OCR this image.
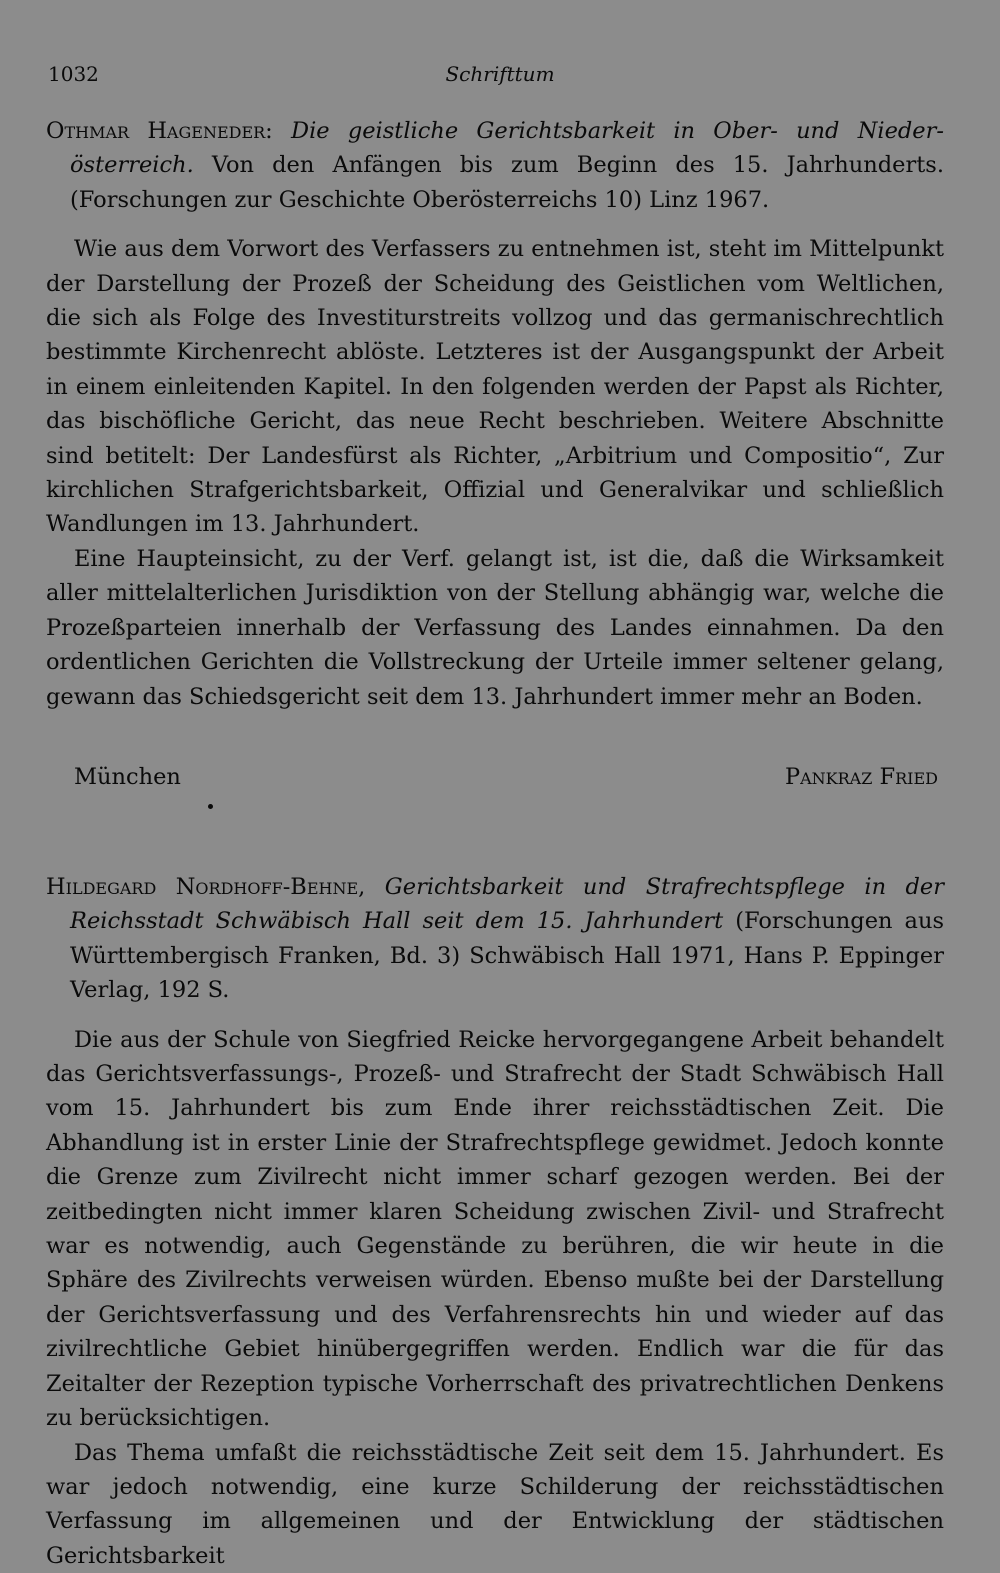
1032	Schrifttum

Othmar Hageneder: Die geistliche Gerichtsbarkeit in Ober- und Nieder-österreich. Von den Anfängen bis zum Beginn des 15. Jahrhunderts. (Forschungen zur Geschichte Oberösterreichs 10) Linz 1967.

Wie aus dem Vorwort des Verfassers zu entnehmen ist, steht im Mittelpunkt der Darstellung der Prozeß der Scheidung des Geistlichen vom Weltlichen, die sich als Folge des Investiturstreits vollzog und das germanischrechtlich bestimmte Kirchenrecht ablöste. Letzteres ist der Ausgangspunkt der Arbeit in einem einleitenden Kapitel. In den folgenden werden der Papst als Richter, das bischöfliche Gericht, das neue Recht beschrieben. Weitere Abschnitte sind betitelt: Der Landesfürst als Richter, „Arbitrium und Compositio“, Zur kirchlichen Strafgerichtsbarkeit, Offizial und Generalvikar und schließlich Wandlungen im 13. Jahrhundert.

Eine Haupteinsicht, zu der Verf. gelangt ist, ist die, daß die Wirksamkeit aller mittelalterlichen Jurisdiktion von der Stellung abhängig war, welche die Prozeßparteien innerhalb der Verfassung des Landes einnahmen. Da den ordentlichen Gerichten die Vollstreckung der Urteile immer seltener gelang, gewann das Schiedsgericht seit dem 13. Jahrhundert immer mehr an Boden.

München	Pankraz Fried

Hildegard Nordhoff-Behne, Gerichtsbarkeit und Strafrechtspflege in der Reichsstadt Schwäbisch Hall seit dem 15. Jahrhundert (Forschungen aus Württembergisch Franken, Bd. 3) Schwäbisch Hall 1971, Hans P. Eppinger Verlag, 192 S.

Die aus der Schule von Siegfried Reicke hervorgegangene Arbeit behandelt das Gerichtsverfassungs-, Prozeß- und Strafrecht der Stadt Schwäbisch Hall vom 15. Jahrhundert bis zum Ende ihrer reichsstädtischen Zeit. Die Abhandlung ist in erster Linie der Strafrechtspflege gewidmet. Jedoch konnte die Grenze zum Zivilrecht nicht immer scharf gezogen werden. Bei der zeitbedingten nicht immer klaren Scheidung zwischen Zivil- und Strafrecht war es notwendig, auch Gegenstände zu berühren, die wir heute in die Sphäre des Zivilrechts verweisen würden. Ebenso mußte bei der Darstellung der Gerichtsverfassung und des Verfahrensrechts hin und wieder auf das zivilrechtliche Gebiet hinübergegriffen werden. Endlich war die für das Zeitalter der Rezeption typische Vorherrschaft des privatrechtlichen Denkens zu berücksichtigen.

Das Thema umfaßt die reichsstädtische Zeit seit dem 15. Jahrhundert. Es war jedoch notwendig, eine kurze Schilderung der reichsstädtischen Verfassung im allgemeinen und der Entwicklung der städtischen Gerichtsbarkeit
